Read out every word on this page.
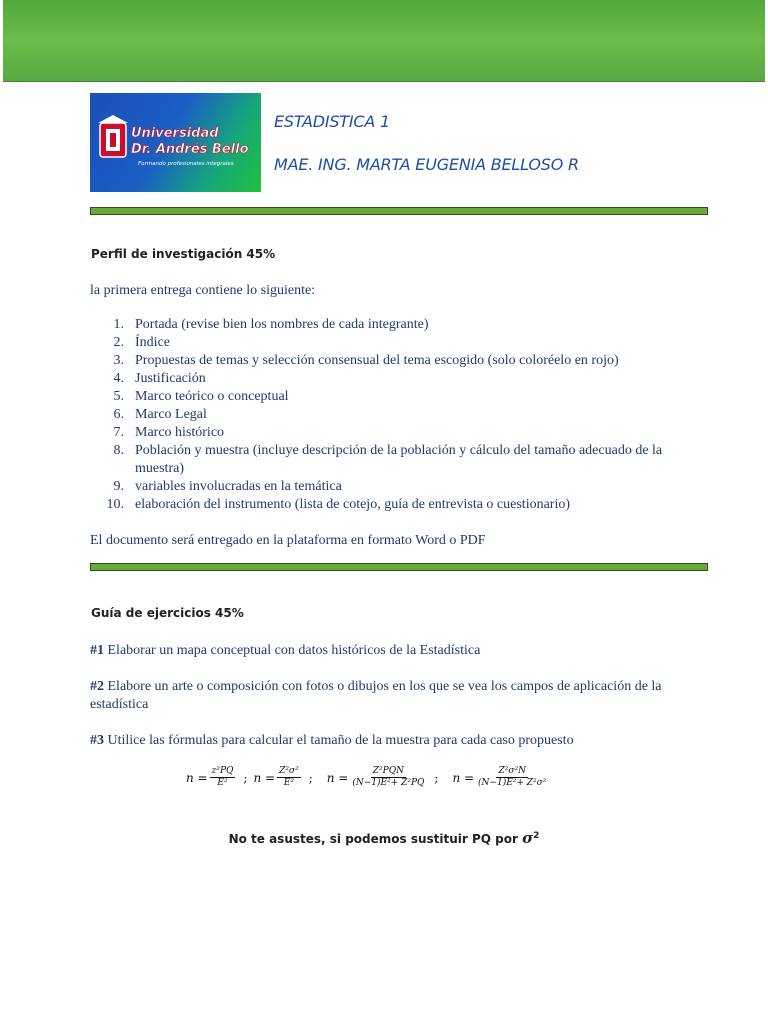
Universidad
Dr. Andrés Bello
Formando profesionales integrales
ESTADISTICA 1
MAE. ING. MARTA EUGENIA BELLOSO R
Perfil de investigación 45%
la primera entrega contiene lo siguiente:
1. Portada (revise bien los nombres de cada integrante)
2. Índice
3. Propuestas de temas y selección consensual del tema escogido (solo coloréelo en rojo)
4. Justificación
5. Marco teórico o conceptual
6. Marco Legal
7. Marco histórico
8. Población y muestra (incluye descripción de la población y cálculo del tamaño adecuado de la muestra)
9. variables involucradas en la temática
10. elaboración del instrumento (lista de cotejo, guía de entrevista o cuestionario)
El documento será entregado en la plataforma en formato Word o PDF
Guía de ejercicios 45%
#1 Elaborar un mapa conceptual con datos históricos de la Estadística
#2 Elabore un arte o composición con fotos o dibujos en los que se vea los campos de aplicación de la estadística
#3 Utilice las fórmulas para calcular el tamaño de la muestra para cada caso propuesto
$n = \frac{\text{z²PQ}}{\text{E²}}$ ; $n = \frac{\text{Z²σ²}}{\text{E²}}$ ; $n = \frac{\text{Z²PQN}}{\text{(N−1)E²+ Z²PQ}}$ ; $n = \frac{\text{Z²σ²N}}{\text{(N−1)E²+ Z²σ²}}$
No te asustes, si podemos sustituir PQ por $\sigma^2$
